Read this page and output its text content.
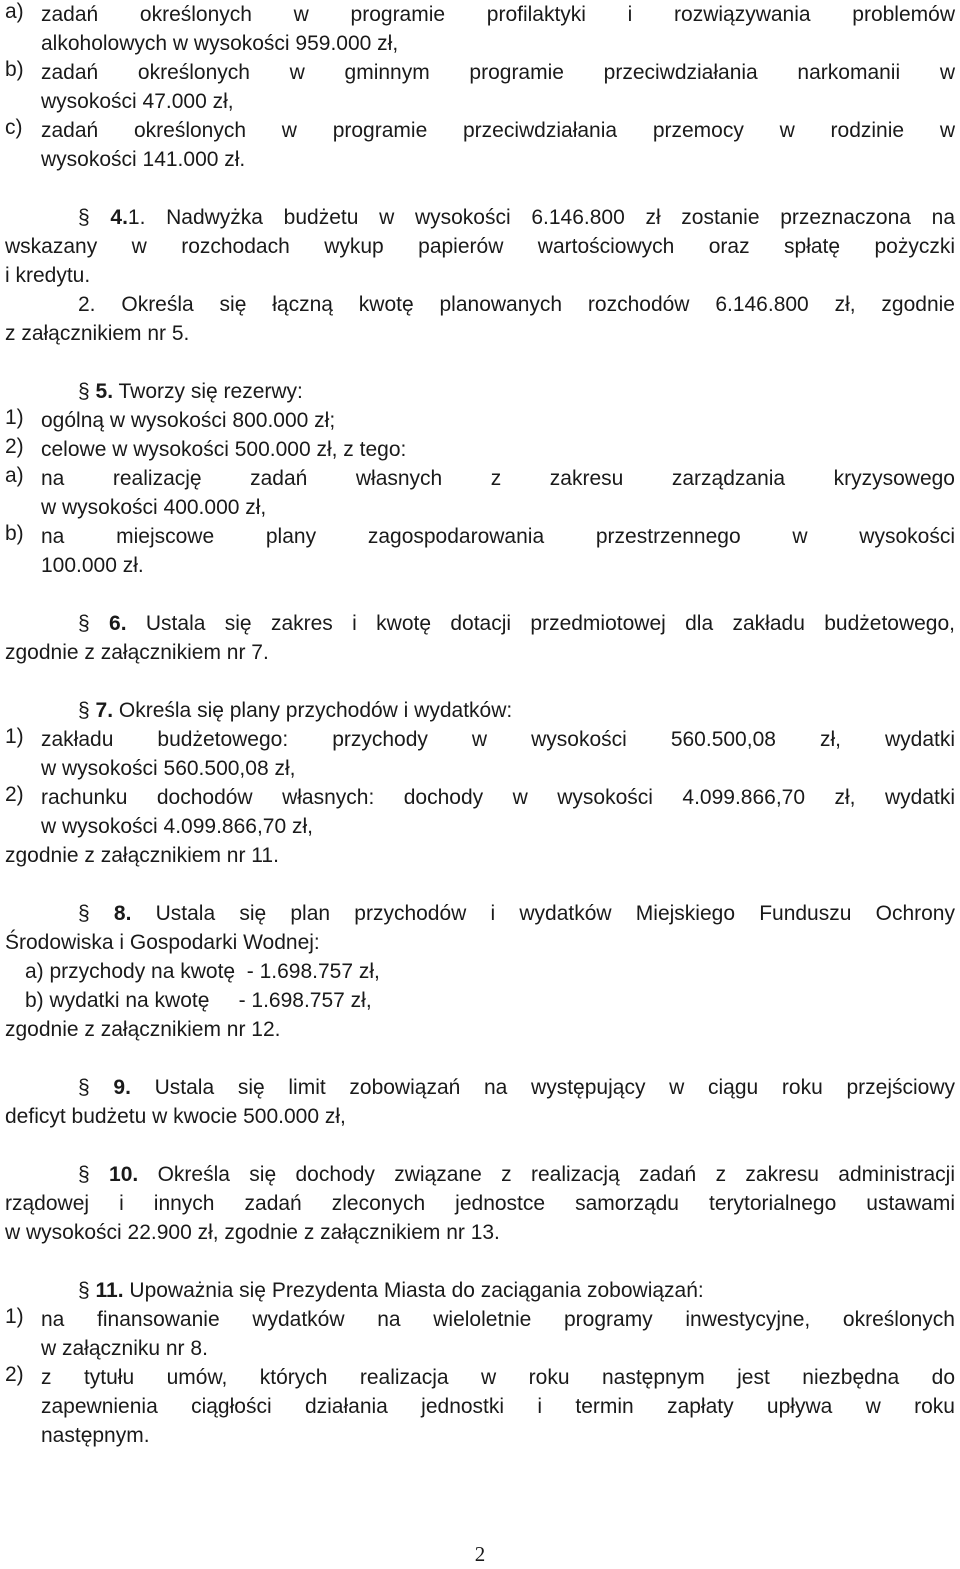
a) zadań określonych w programie profilaktyki i rozwiązywania problemów

alkoholowych w wysokości 959.000 zł,

b) zadań określonych w gminnym programie przeciwdziałania narkomanii w

wysokości 47.000 zł,

c) zadań określonych w programie przeciwdziałania przemocy w rodzinie w

wysokości 141.000 zł.

§ 4.1. Nadwyżka budżetu w wysokości 6.146.800 zł zostanie przeznaczona na

wskazany w rozchodach wykup papierów wartościowych oraz spłatę pożyczki

i kredytu.

2. Określa się łączną kwotę planowanych rozchodów 6.146.800 zł, zgodnie

z załącznikiem nr 5.

§ 5. Tworzy się rezerwy:

1) ogólną w wysokości 800.000 zł;

2) celowe w wysokości 500.000 zł, z tego:

a) na realizację zadań własnych z zakresu zarządzania kryzysowego

w wysokości 400.000 zł,

b) na miejscowe plany zagospodarowania przestrzennego w wysokości

100.000 zł.

§ 6. Ustala się zakres i kwotę dotacji przedmiotowej dla zakładu budżetowego,

zgodnie z załącznikiem nr 7.

§ 7. Określa się plany przychodów i wydatków:

1) zakładu budżetowego: przychody w wysokości 560.500,08 zł, wydatki

w wysokości 560.500,08 zł,

2) rachunku dochodów własnych: dochody w wysokości 4.099.866,70 zł, wydatki

w wysokości 4.099.866,70 zł,

zgodnie z załącznikiem nr 11.

§ 8. Ustala się plan przychodów i wydatków Miejskiego Funduszu Ochrony

Środowiska i Gospodarki Wodnej:

a) przychody na kwotę  - 1.698.757 zł,

b) wydatki na kwotę     - 1.698.757 zł,

zgodnie z załącznikiem nr 12.

§ 9. Ustala się limit zobowiązań na występujący w ciągu roku przejściowy

deficyt budżetu w kwocie 500.000 zł,

§ 10. Określa się dochody związane z realizacją zadań z zakresu administracji

rządowej i innych zadań zleconych jednostce samorządu terytorialnego ustawami

w wysokości 22.900 zł, zgodnie z załącznikiem nr 13.

§ 11. Upoważnia się Prezydenta Miasta do zaciągania zobowiązań:

1) na finansowanie wydatków na wieloletnie programy inwestycyjne, określonych

w załączniku nr 8.

2) z tytułu umów, których realizacja w roku następnym jest niezbędna do

zapewnienia ciągłości działania jednostki i termin zapłaty upływa w roku

następnym.

2
